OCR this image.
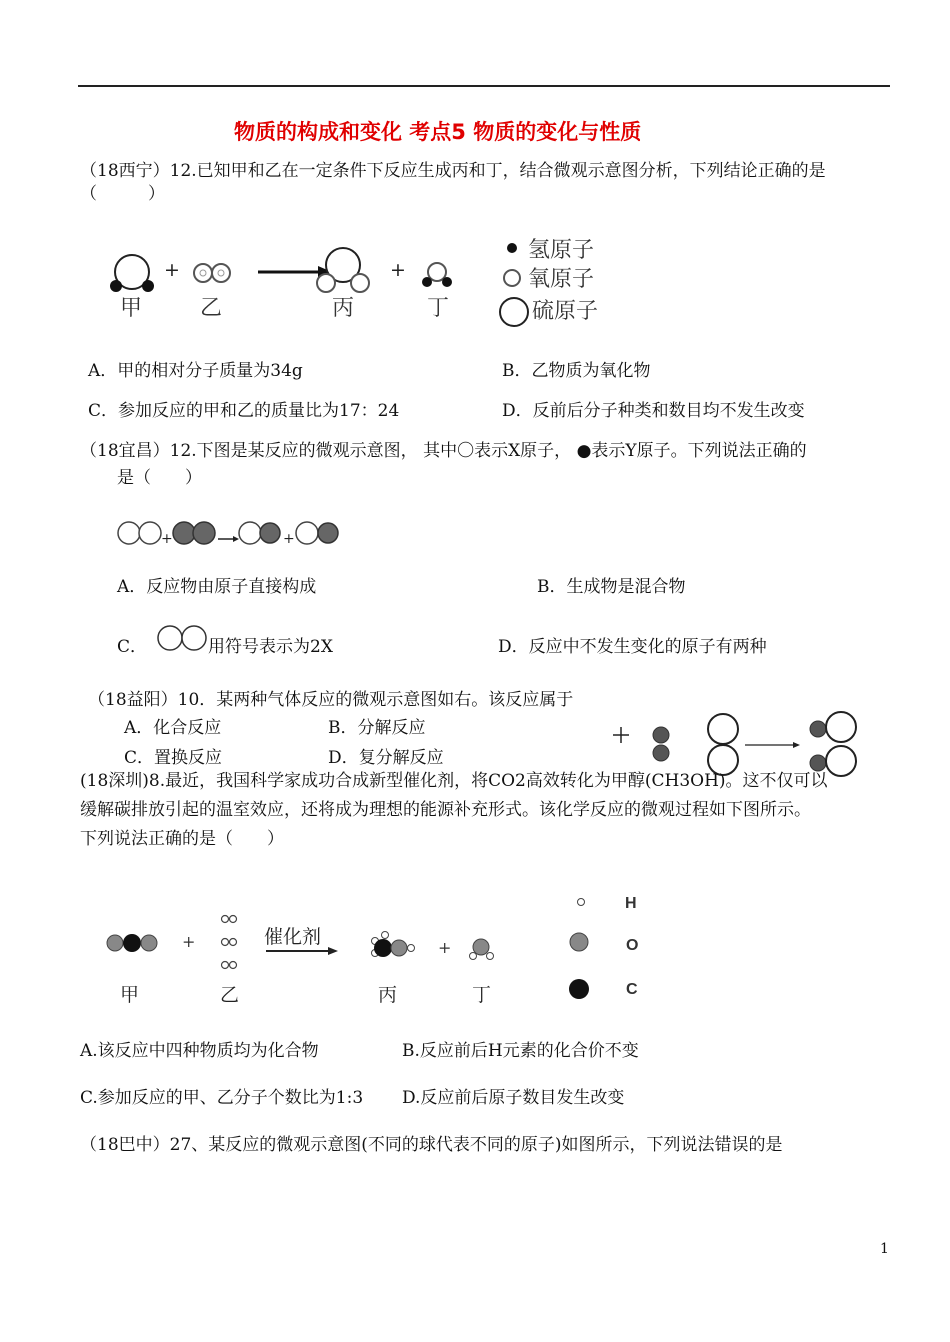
物质的构成和变化 考点5 物质的变化与性质
（18西宁）12.已知甲和乙在一定条件下反应生成丙和丁，结合微观示意图分析，下列结论正确的是
（　　　）
+	+
甲	乙	丙	丁
氢原子
氧原子
硫原子
A．甲的相对分子质量为34g	B．乙物质为氧化物
C．参加反应的甲和乙的质量比为17：24	D．反前后分子种类和数目均不发生改变
（18宜昌）12.下图是某反应的微观示意图， 其中〇表示X原子， ●表示Y原子。下列说法正确的
是（　　）
+	+
A．反应物由原子直接构成	B．生成物是混合物
C．	用符号表示为2X	D．反应中不发生变化的原子有两种
（18益阳）10．某两种气体反应的微观示意图如右。该反应属于
A．化合反应	B．分解反应
C．置换反应	D．复分解反应
(18深圳)8.最近，我国科学家成功合成新型催化剂，将CO2高效转化为甲醇(CH3OH)。这不仅可以
缓解碳排放引起的温室效应，还将成为理想的能源补充形式。该化学反应的微观过程如下图所示。
下列说法正确的是（　　）
+	催化剂	+
甲	乙	丙	丁
H
O
C
A.该反应中四种物质均为化合物	B.反应前后H元素的化合价不变
C.参加反应的甲、乙分子个数比为1:3 D.反应前后原子数目发生改变
（18巴中）27、某反应的微观示意图(不同的球代表不同的原子)如图所示，下列说法错误的是
1
